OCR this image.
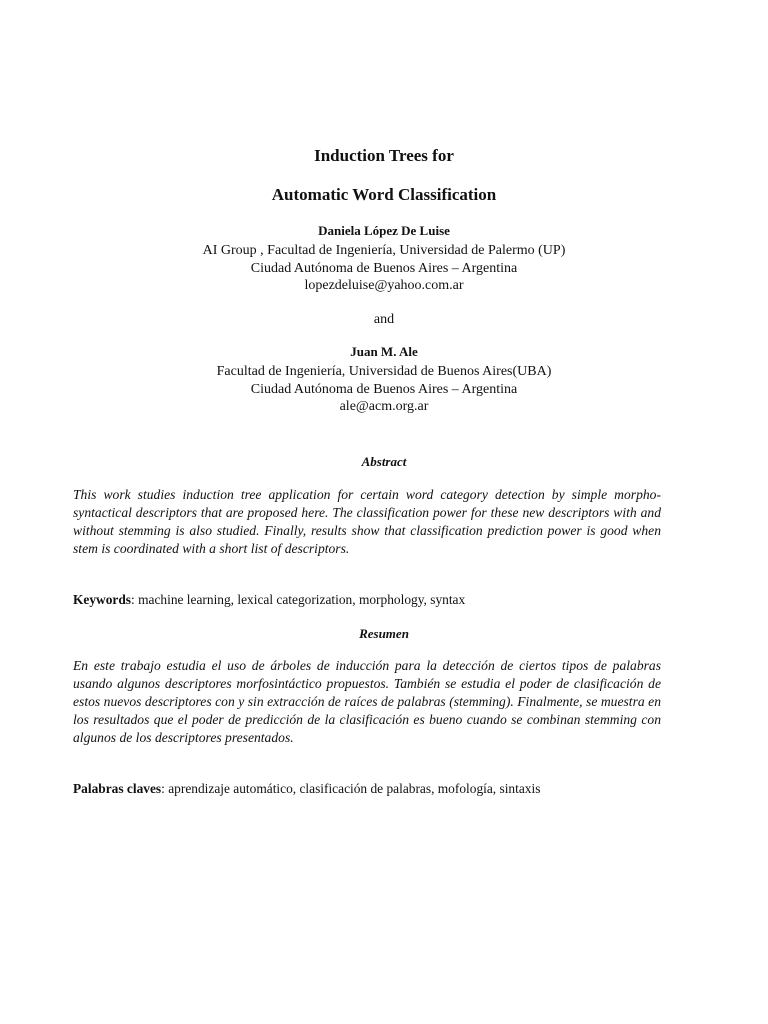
Induction Trees for
Automatic Word Classification
Daniela López De Luise
AI Group , Facultad de Ingeniería, Universidad de Palermo (UP)
Ciudad Autónoma de Buenos Aires – Argentina
lopezdeluise@yahoo.com.ar
and
Juan M. Ale
Facultad de Ingeniería, Universidad de Buenos Aires(UBA)
Ciudad Autónoma de Buenos Aires – Argentina
ale@acm.org.ar
Abstract
This work studies induction tree application for certain word category detection by simple morpho-syntactical descriptors that are proposed here. The classification power for these new descriptors with and without stemming is also studied. Finally, results show that classification prediction power is good when stem is coordinated with a short list of descriptors.
Keywords: machine learning, lexical categorization, morphology, syntax
Resumen
En este trabajo estudia el uso de árboles de inducción para la detección de ciertos tipos de palabras usando algunos descriptores morfosintáctico propuestos. También se estudia el poder de clasificación de estos nuevos descriptores con y sin extracción de raíces de palabras (stemming). Finalmente, se muestra en los resultados que el poder de predicción de la clasificación es bueno cuando se combinan stemming con algunos de los descriptores presentados.
Palabras claves: aprendizaje automático, clasificación de palabras, mofología, sintaxis
